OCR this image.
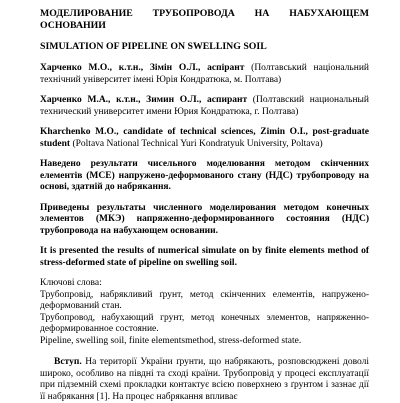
МОДЕЛИРОВАНИЕ ТРУБОПРОВОДА НА НАБУХАЮЩЕМ

ОСНОВАНИИ

SIMULATION OF PIPELINE ON SWELLING SOIL

Харченко М.О., к.т.н., Зімін О.Л., аспірант (Полтавський національний технічний університет імені Юрія Кондратюка, м. Полтава)

Харченко М.А., к.т.н., Зимин О.Л., аспирант (Полтавский национальный технический университет имени Юрия Кондратюка, г. Полтава)

Kharchenko M.O., candidate of technical sciences, Zimin O.I., post-graduate student (Poltava National Technical Yuri Kondratyuk University, Poltava)

Наведено результати чисельного моделювання методом скінченних елементів (МСЕ) напружено-деформованого стану (НДС) трубопроводу на основі, здатній до набрякання.

Приведены результаты численного моделирования методом конечных элементов (МКЭ) напряженно-деформированного состояния (НДС) трубопровода на набухающем основании.

It is presented the results of numerical simulate on by finite elements method of stress-deformed state of pipeline on swelling soil.

Ключові слова:

Трубопровід, набрякливий ґрунт, метод скінченних елементів, напружено-деформований стан.

Трубопровод, набухающий грунт, метод конечных элементов, напряженно-деформированное состояние.

Pipeline, swelling soil, finite elementsmethod, stress-deformed state.

Вступ. На території України ґрунти, що набрякають, розповсюджені доволі широко, особливо на півдні та сході країни. Трубопровід у процесі експлуатації при підземній схемі прокладки контактує всією поверхнею з ґрунтом і зазнає дії її набрякання [1]. На процес набрякання впливає
